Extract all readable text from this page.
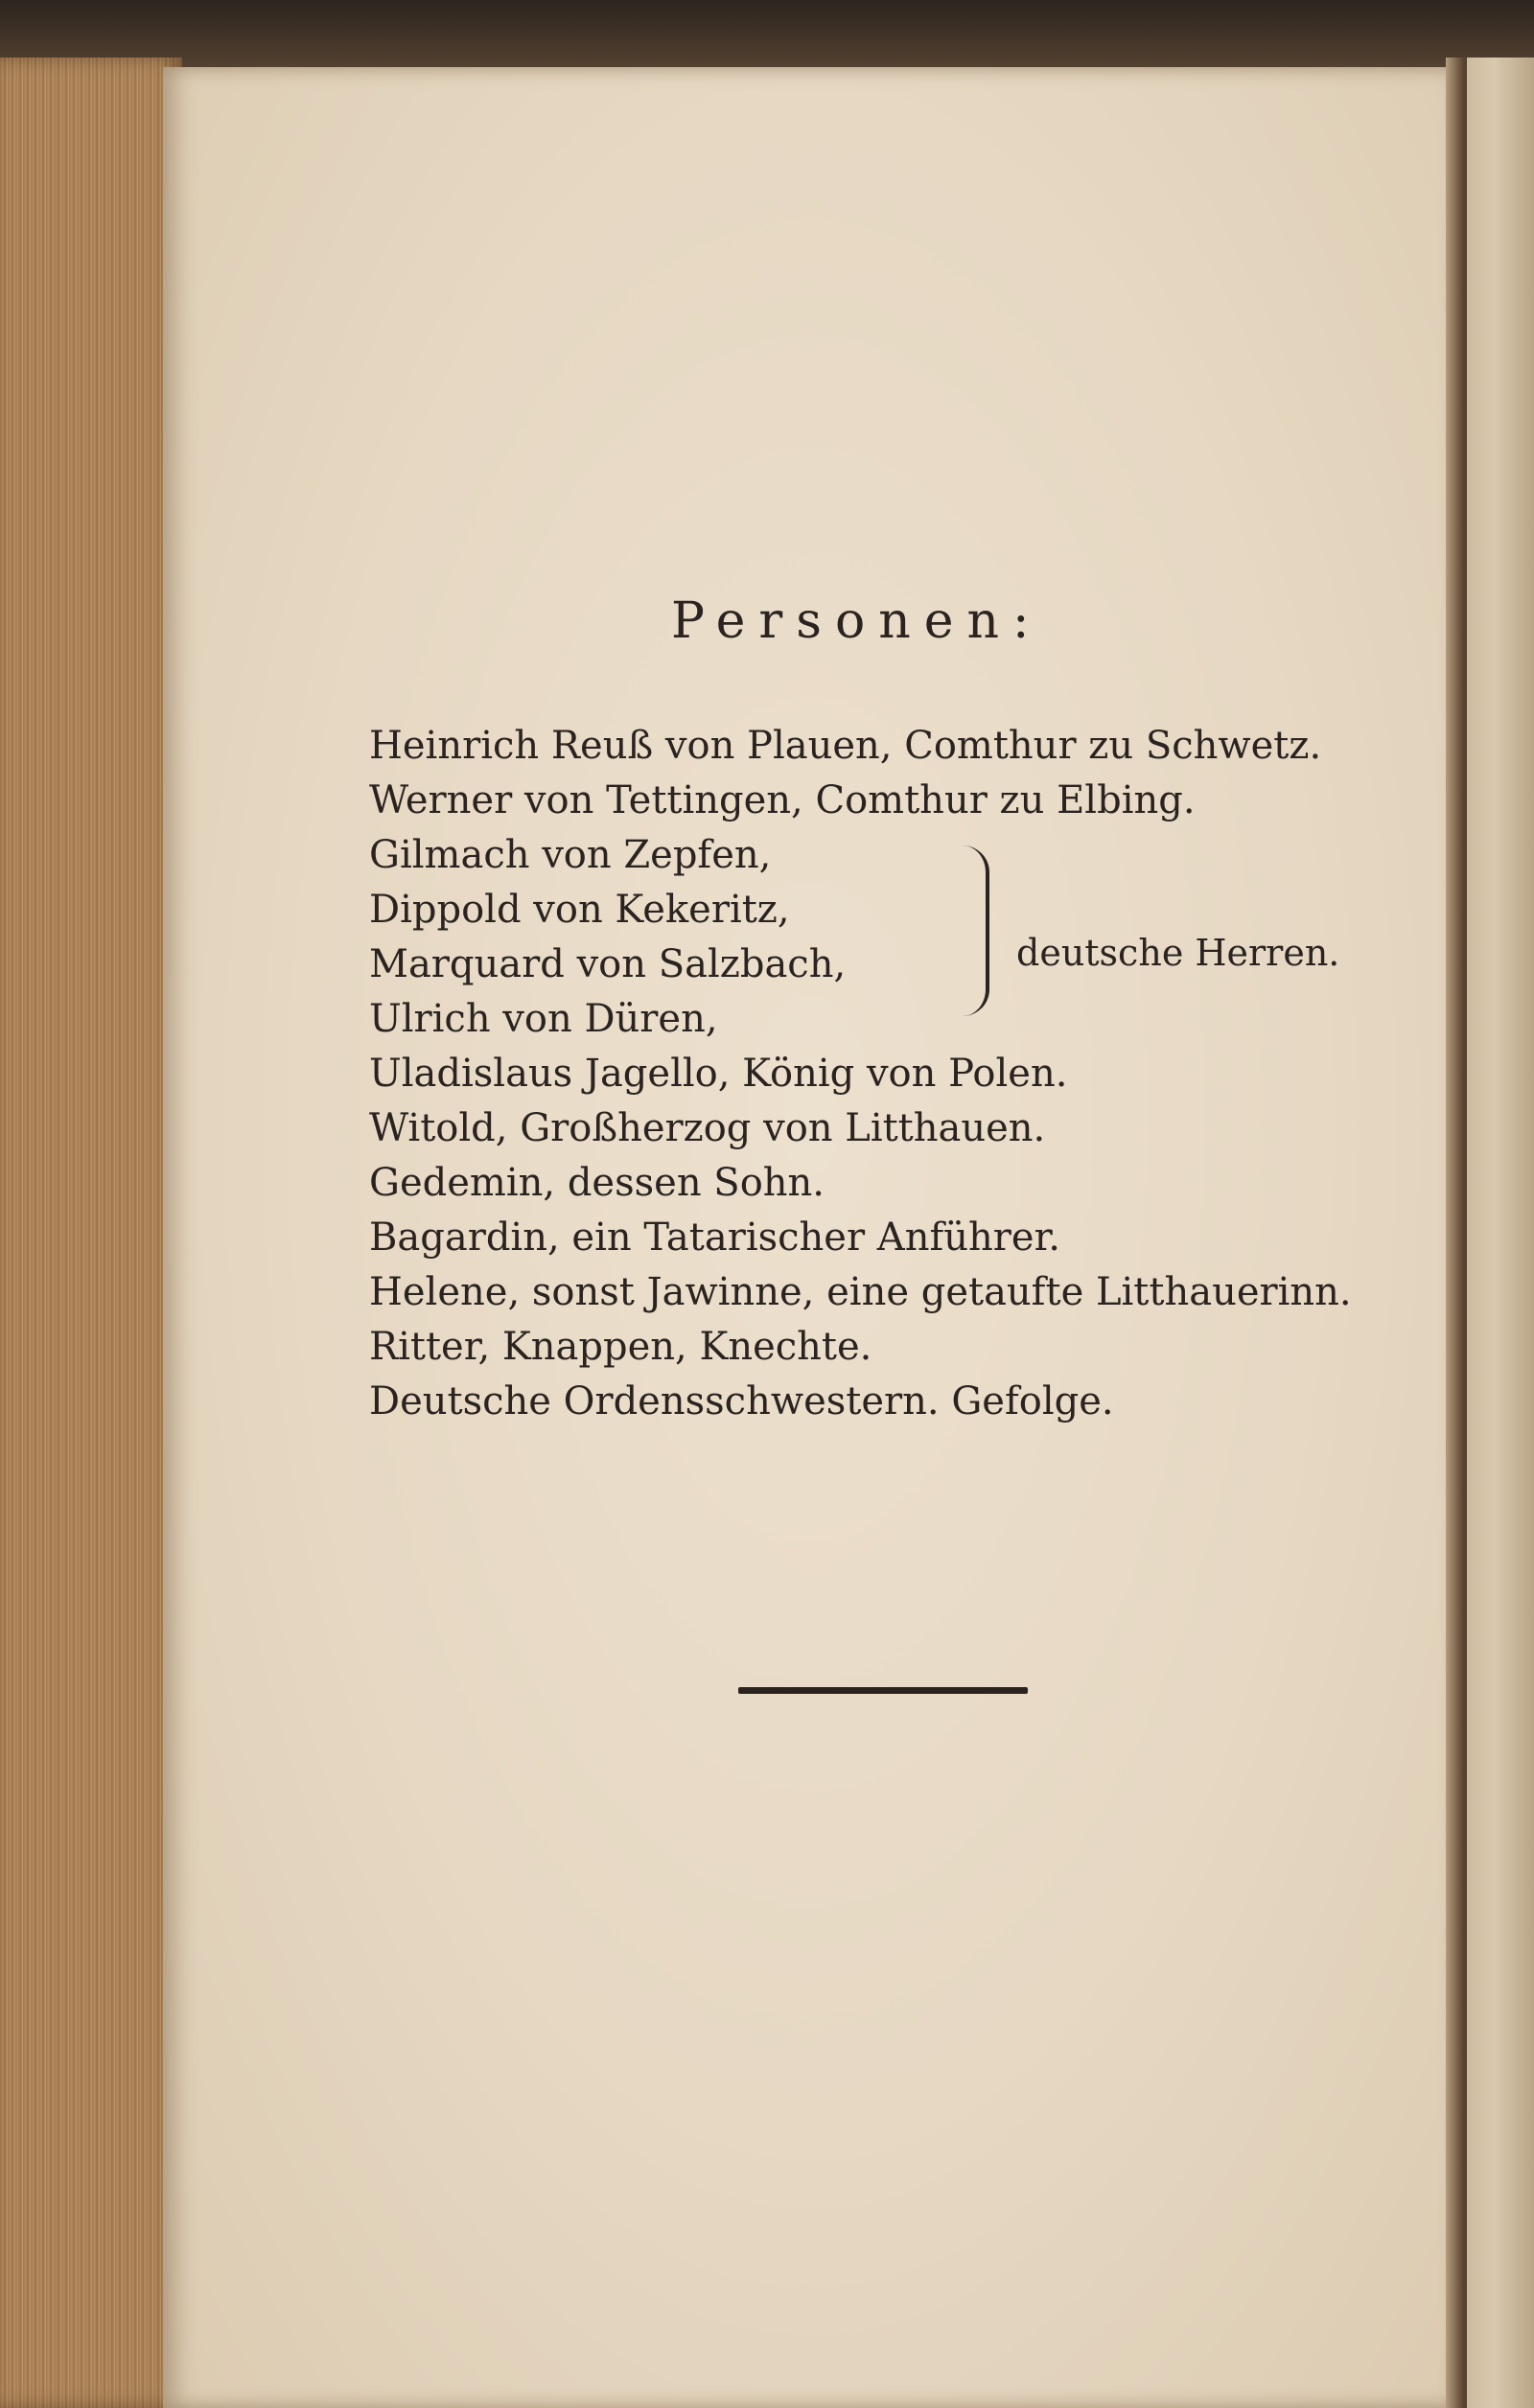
Personen:
Heinrich Reuß von Plauen, Comthur zu Schwetz.
Werner von Tettingen, Comthur zu Elbing.
Gilmach von Zepfen,
Dippold von Kekeritz,
Marquard von Salzbach,
Ulrich von Düren,
Uladislaus Jagello, König von Polen.
Witold, Großherzog von Litthauen.
Gedemin, dessen Sohn.
Bagardin, ein Tatarischer Anführer.
Helene, sonst Jawinne, eine getaufte Litthauerinn.
Ritter, Knappen, Knechte.
Deutsche Ordensschwestern. Gefolge.
deutsche Herren.
